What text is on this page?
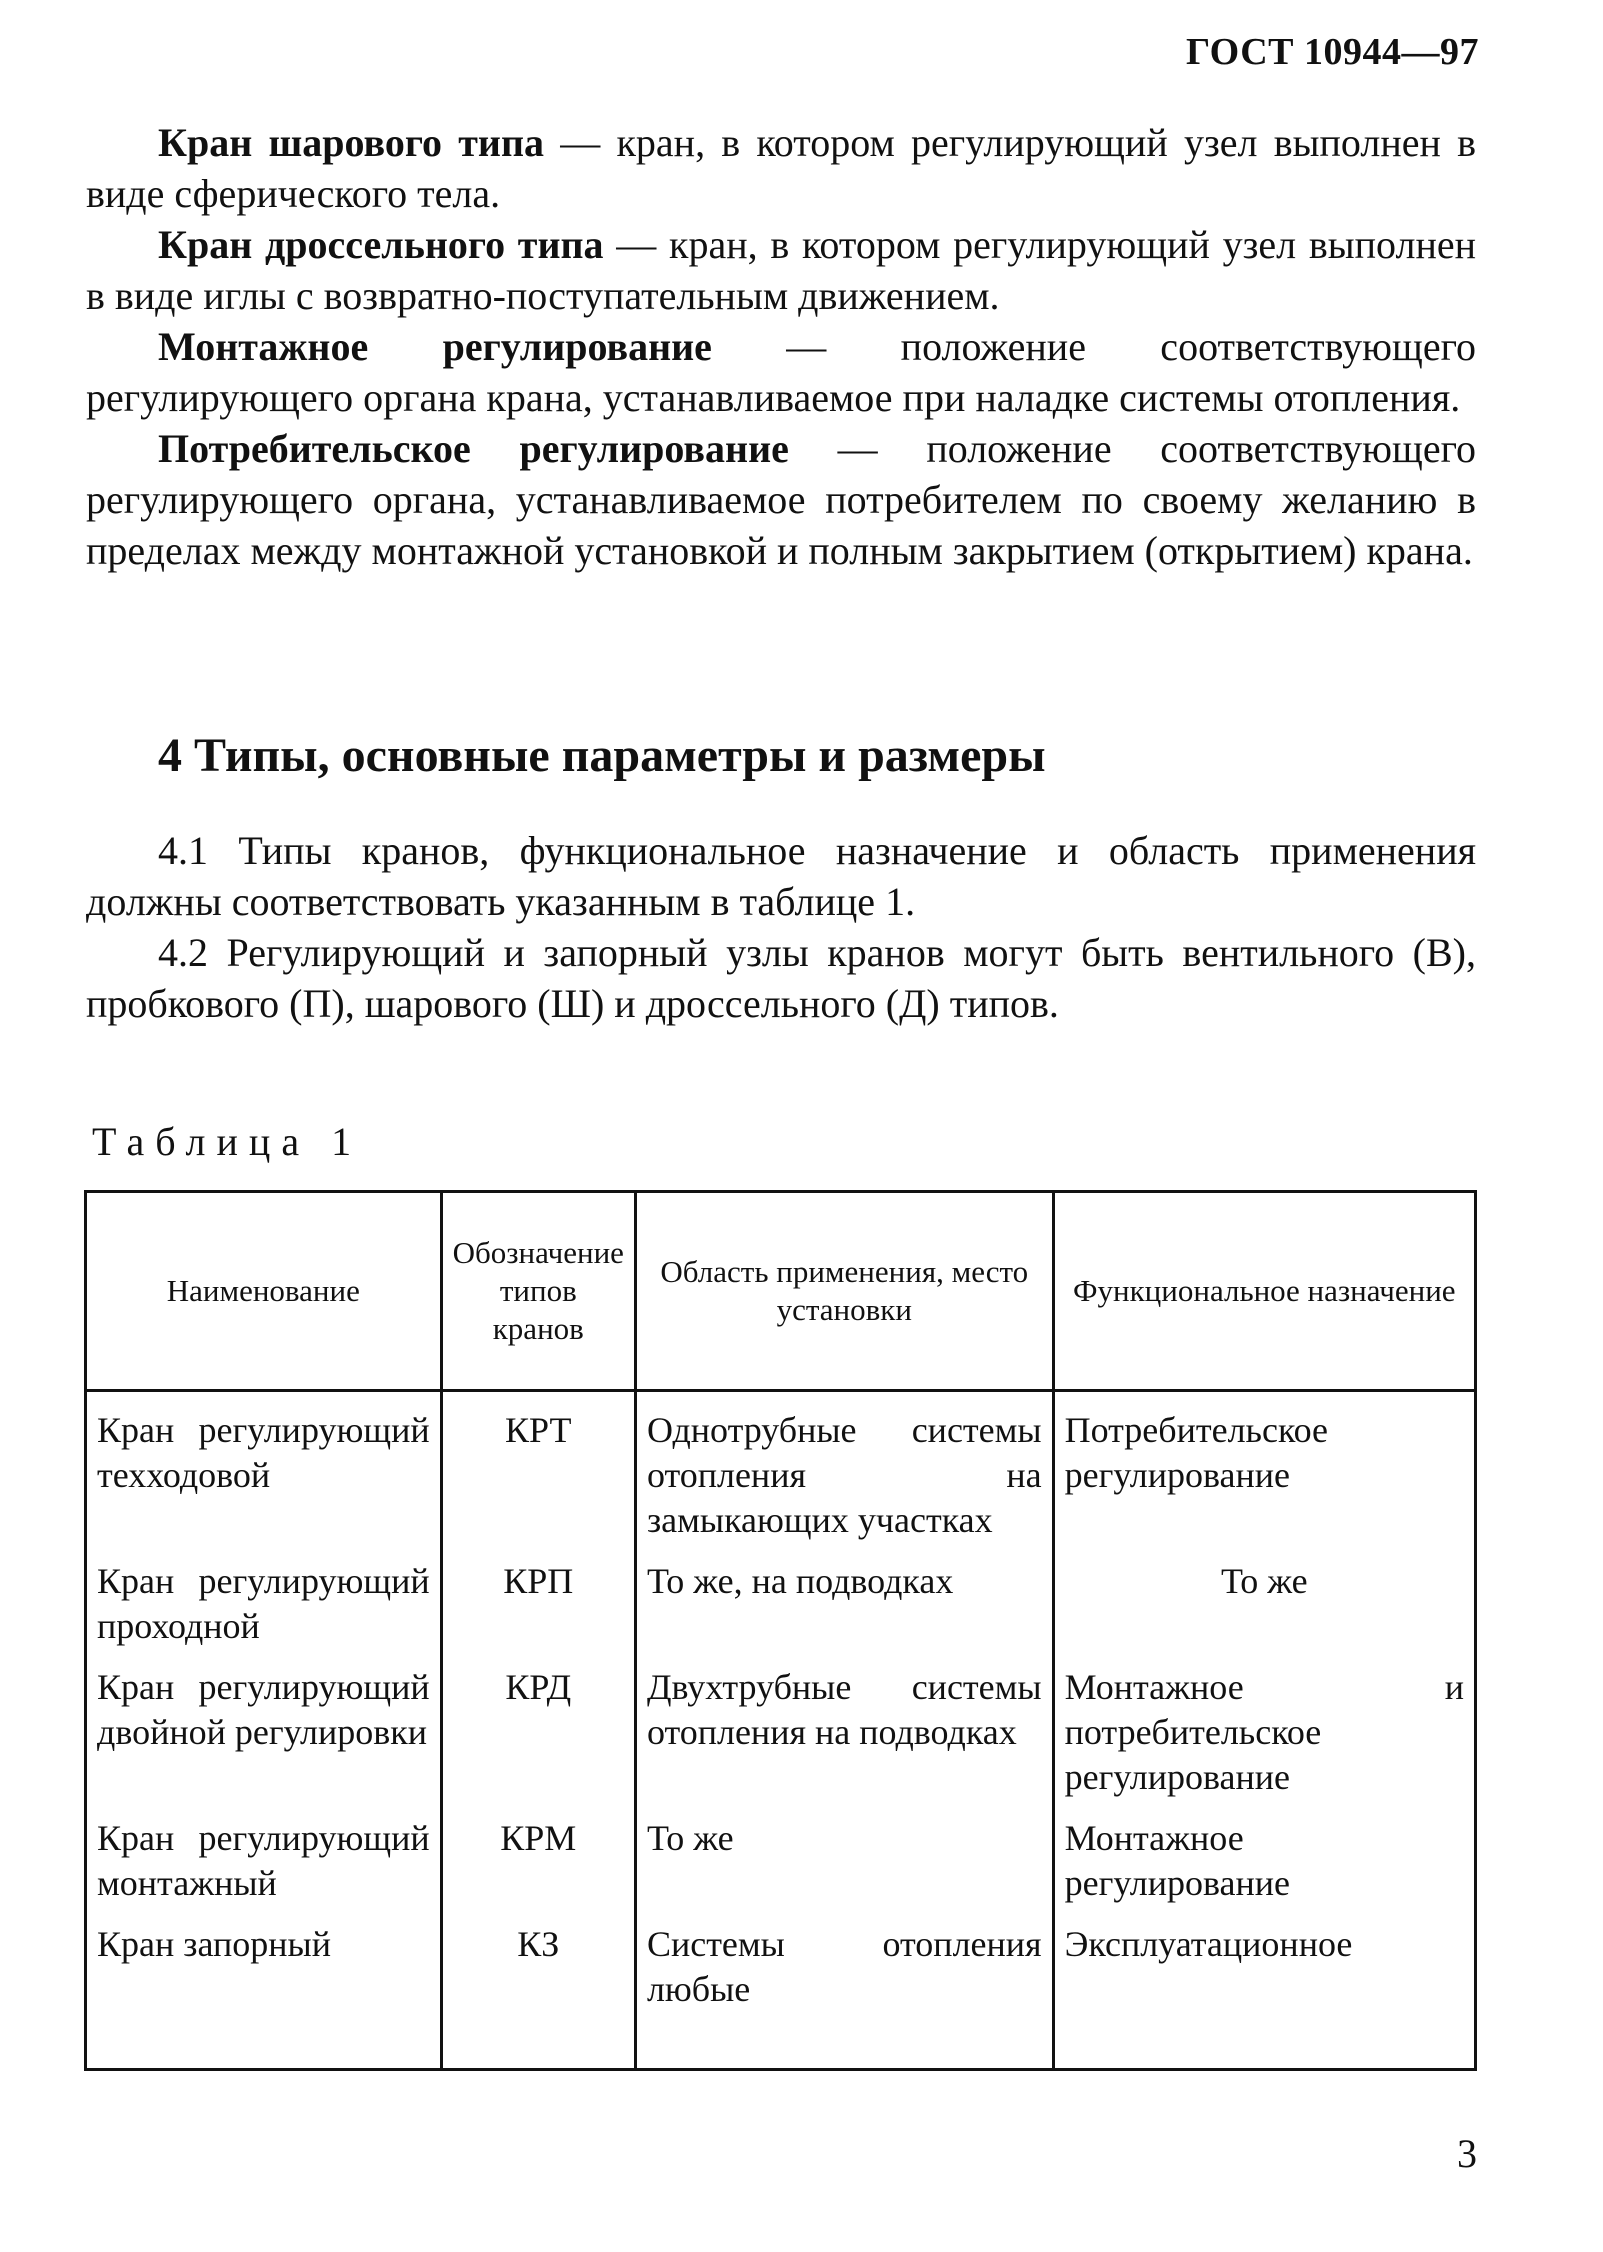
ГОСТ 10944—97

Кран шарового типа — кран, в котором регулирующий узел выполнен в виде сферического тела.

Кран дроссельного типа — кран, в котором регулирующий узел выполнен в виде иглы с возвратно-поступательным движением.

Монтажное регулирование — положение соответствующего регулирующего органа крана, устанавливаемое при наладке системы отопления.

Потребительское регулирование — положение соответствующего регулирующего органа, устанавливаемое потребителем по своему желанию в пределах между монтажной установкой и полным закрытием (открытием) крана.

4 Типы, основные параметры и размеры

4.1 Типы кранов, функциональное назначение и область применения должны соответствовать указанным в таблице 1.

4.2 Регулирующий и запорный узлы кранов могут быть вентильного (В), пробкового (П), шарового (Ш) и дроссельного (Д) типов.

Таблица 1
Наименование	Обозначение типов кранов	Область применения, место установки	Функциональное назначение
Кран регулирующий техходовой	КРТ	Однотрубные системы отопления на замыкающих участках	Потребительское регулирование
Кран регулирующий проходной	КРП	То же, на подводках	То же
Кран регулирующий двойной регулировки	КРД	Двухтрубные системы отопления на подводках	Монтажное и потребительское регулирование
Кран регулирующий монтажный	КРМ	То же	Монтажное регулирование
Кран запорный	КЗ	Системы отопления любые	Эксплуатационное
3
